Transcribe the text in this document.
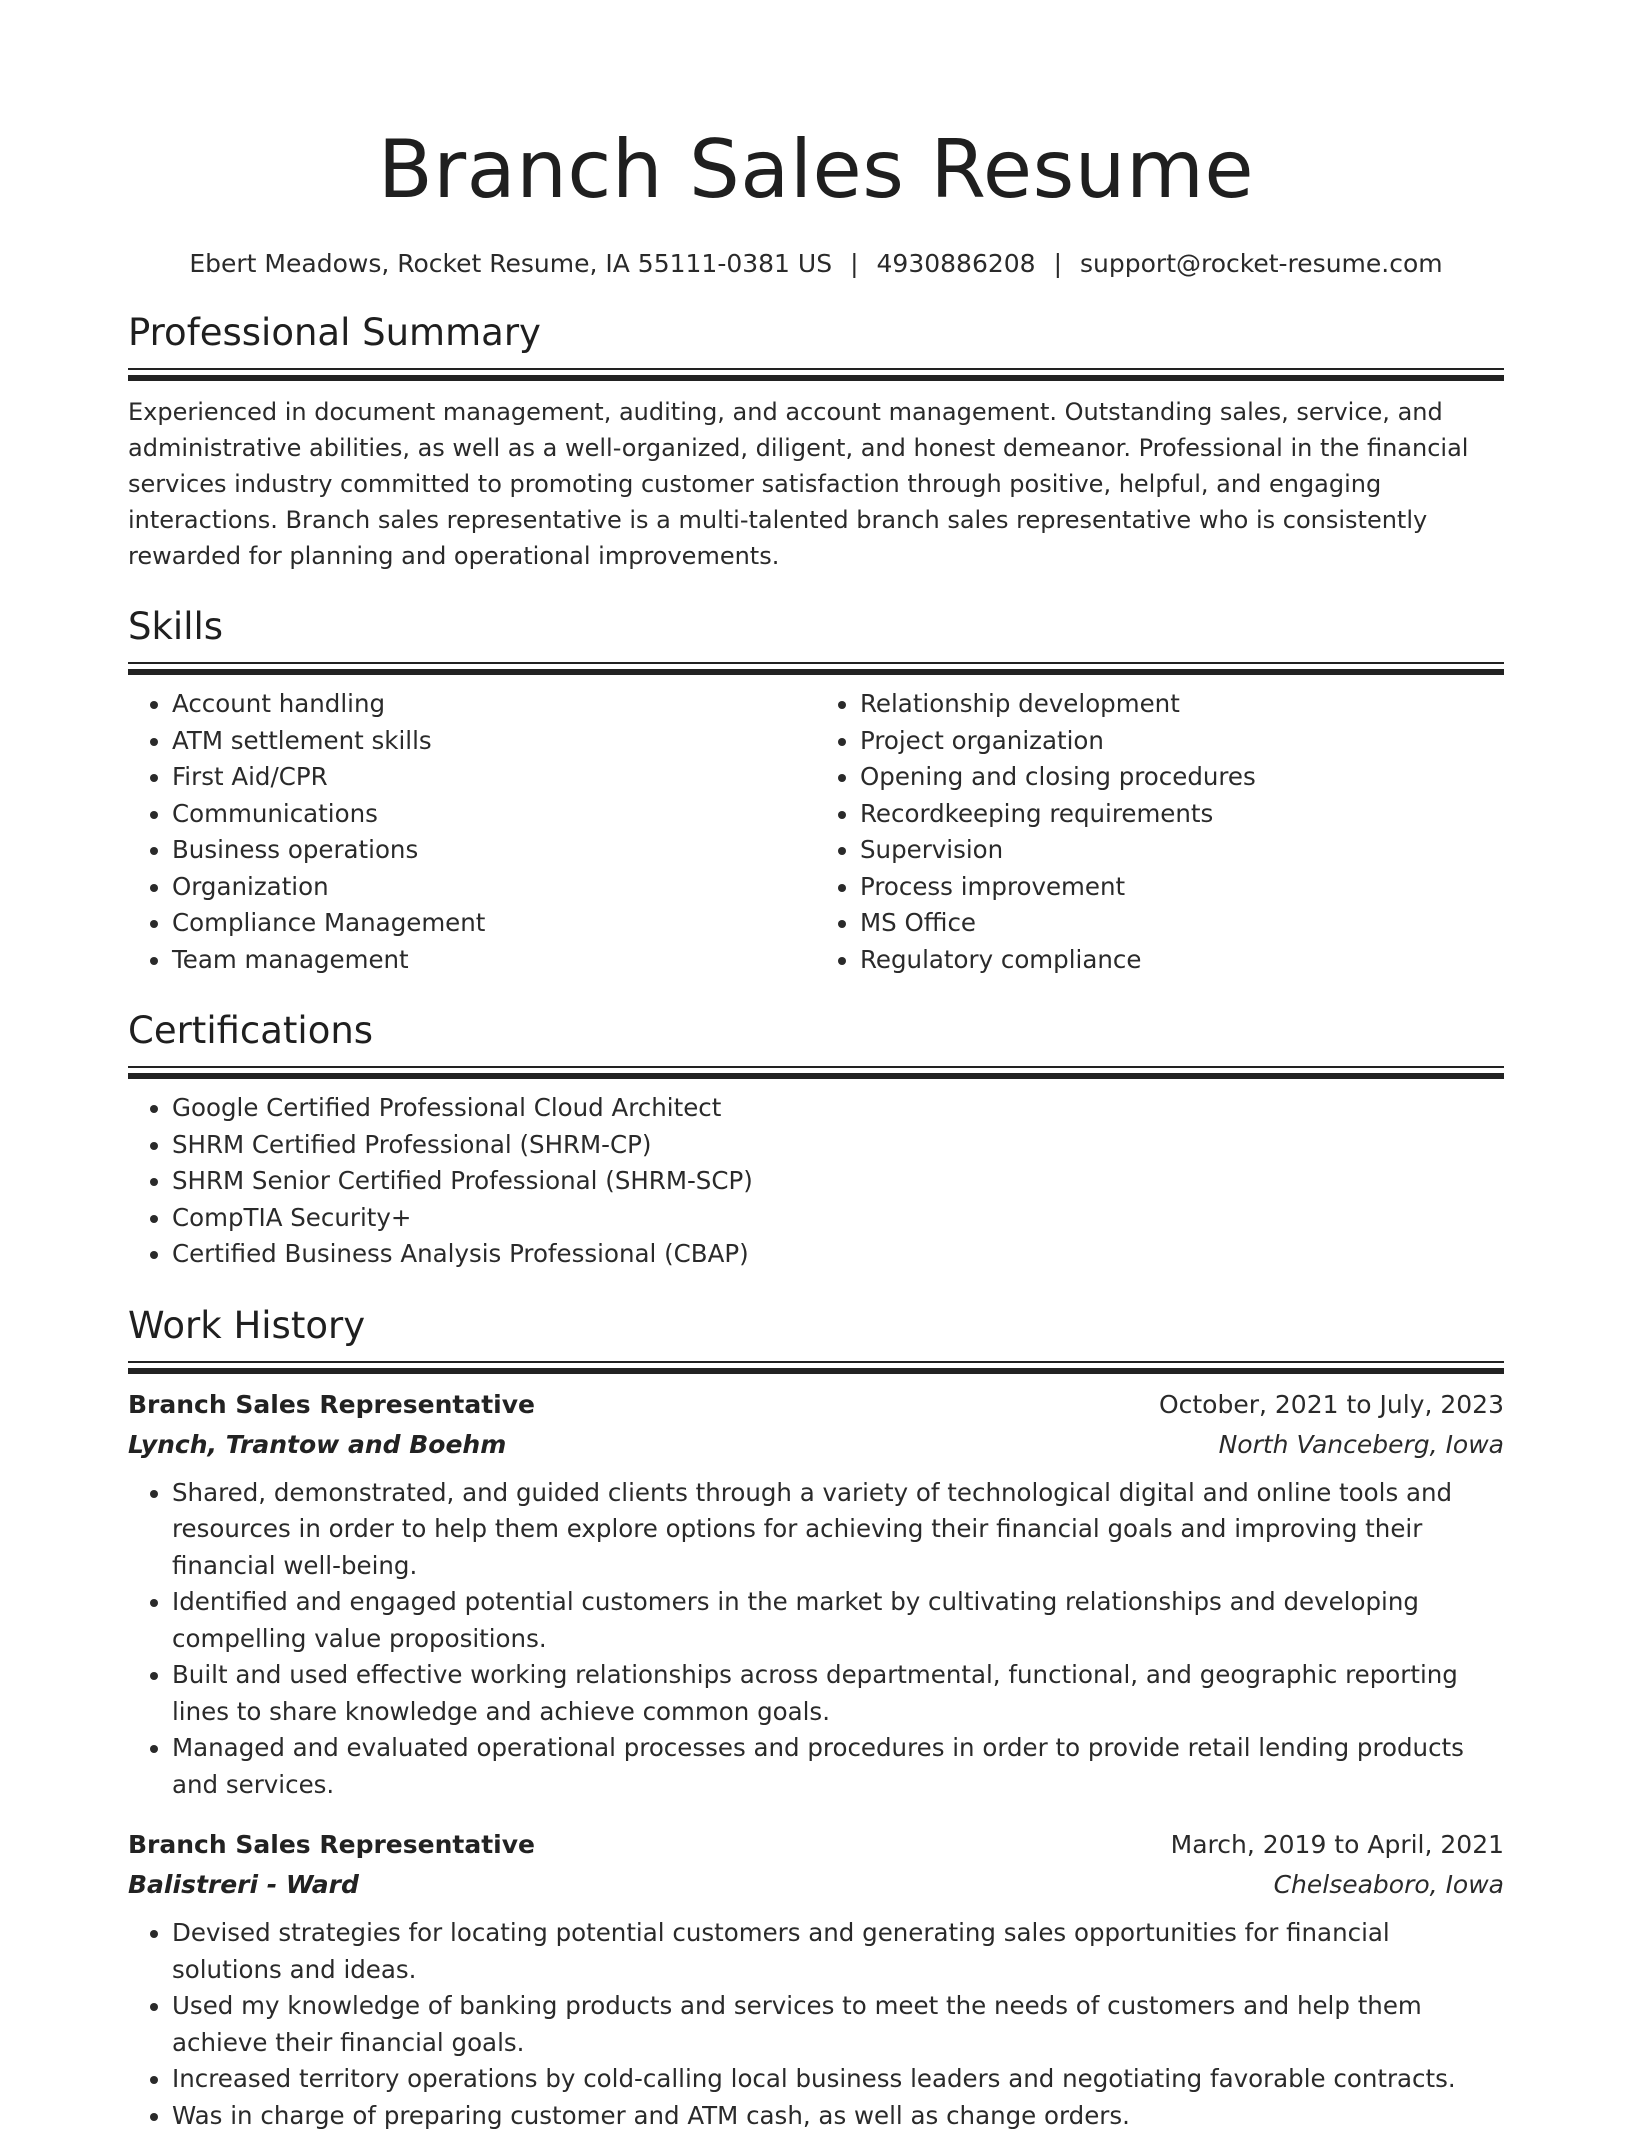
Branch Sales Resume
Ebert Meadows, Rocket Resume, IA 55111-0381 US | 4930886208 | support@rocket-resume.com
Professional Summary
Experienced in document management, auditing, and account management. Outstanding sales, service, and administrative abilities, as well as a well-organized, diligent, and honest demeanor. Professional in the financial services industry committed to promoting customer satisfaction through positive, helpful, and engaging interactions. Branch sales representative is a multi-talented branch sales representative who is consistently rewarded for planning and operational improvements.
Skills
• Account handling
• ATM settlement skills
• First Aid/CPR
• Communications
• Business operations
• Organization
• Compliance Management
• Team management
• Relationship development
• Project organization
• Opening and closing procedures
• Recordkeeping requirements
• Supervision
• Process improvement
• MS Office
• Regulatory compliance
Certifications
• Google Certified Professional Cloud Architect
• SHRM Certified Professional (SHRM-CP)
• SHRM Senior Certified Professional (SHRM-SCP)
• CompTIA Security+
• Certified Business Analysis Professional (CBAP)
Work History
Branch Sales Representative	October, 2021 to July, 2023
Lynch, Trantow and Boehm	North Vanceberg, Iowa
• Shared, demonstrated, and guided clients through a variety of technological digital and online tools and resources in order to help them explore options for achieving their financial goals and improving their financial well-being.
• Identified and engaged potential customers in the market by cultivating relationships and developing compelling value propositions.
• Built and used effective working relationships across departmental, functional, and geographic reporting lines to share knowledge and achieve common goals.
• Managed and evaluated operational processes and procedures in order to provide retail lending products and services.
Branch Sales Representative	March, 2019 to April, 2021
Balistreri - Ward	Chelseaboro, Iowa
• Devised strategies for locating potential customers and generating sales opportunities for financial solutions and ideas.
• Used my knowledge of banking products and services to meet the needs of customers and help them achieve their financial goals.
• Increased territory operations by cold-calling local business leaders and negotiating favorable contracts.
• Was in charge of preparing customer and ATM cash, as well as change orders.
